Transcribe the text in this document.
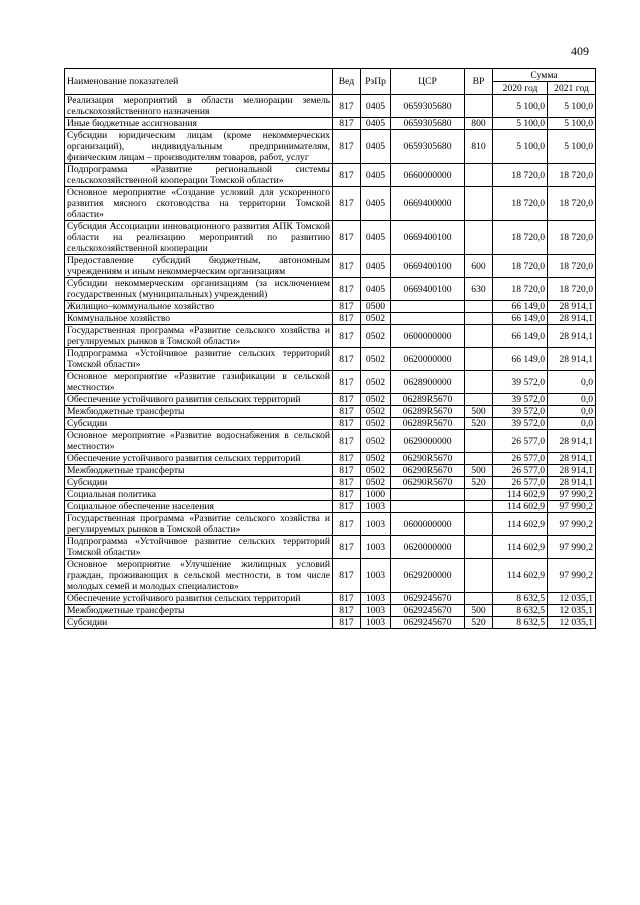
409
Наименование показателей	Вед	РзПр	ЦСР	ВР	Сумма	
					2020 год	2021 год
Реализация мероприятий в области мелиорации земель сельскохозяйственного назначения	817	0405	0659305680		5 100,0	5 100,0
Иные бюджетные ассигнования	817	0405	0659305680	800	5 100,0	5 100,0
Субсидии юридическим лицам (кроме некоммерческих организаций), индивидуальным предпринимателям, физическим лицам – производителям товаров, работ, услуг	817	0405	0659305680	810	5 100,0	5 100,0
Подпрограмма «Развитие региональной системы сельскохозяйственной кооперации Томской области»	817	0405	0660000000		18 720,0	18 720,0
Основное мероприятие «Создание условий для ускоренного развития мясного скотоводства на территории Томской области»	817	0405	0669400000		18 720,0	18 720,0
Субсидия Ассоциации инновационного развития АПК Томской области на реализацию мероприятий по развитию сельскохозяйственной кооперации	817	0405	0669400100		18 720,0	18 720,0
Предоставление субсидий бюджетным, автономным учреждениям и иным некоммерческим организациям	817	0405	0669400100	600	18 720,0	18 720,0
Субсидии некоммерческим организациям (за исключением государственных (муниципальных) учреждений)	817	0405	0669400100	630	18 720,0	18 720,0
Жилищно–коммунальное хозяйство	817	0500			66 149,0	28 914,1
Коммунальное хозяйство	817	0502			66 149,0	28 914,1
Государственная программа «Развитие сельского хозяйства и регулируемых рынков в Томской области»	817	0502	0600000000		66 149,0	28 914,1
Подпрограмма «Устойчивое развитие сельских территорий Томской области»	817	0502	0620000000		66 149,0	28 914,1
Основное мероприятие «Развитие газификации в сельской местности»	817	0502	0628900000		39 572,0	0,0
Обеспечение устойчивого развития сельских территорий	817	0502	06289R5670		39 572,0	0,0
Межбюджетные трансферты	817	0502	06289R5670	500	39 572,0	0,0
Субсидии	817	0502	06289R5670	520	39 572,0	0,0
Основное мероприятие «Развитие водоснабжения в сельской местности»	817	0502	0629000000		26 577,0	28 914,1
Обеспечение устойчивого развития сельских территорий	817	0502	06290R5670		26 577,0	28 914,1
Межбюджетные трансферты	817	0502	06290R5670	500	26 577,0	28 914,1
Субсидии	817	0502	06290R5670	520	26 577,0	28 914,1
Социальная политика	817	1000			114 602,9	97 990,2
Социальное обеспечение населения	817	1003			114 602,9	97 990,2
Государственная программа «Развитие сельского хозяйства и регулируемых рынков в Томской области»	817	1003	0600000000		114 602,9	97 990,2
Подпрограмма «Устойчивое развитие сельских территорий Томской области»	817	1003	0620000000		114 602,9	97 990,2
Основное мероприятие «Улучшение жилищных условий граждан, проживающих в сельской местности, в том числе молодых семей и молодых специалистов»	817	1003	0629200000		114 602,9	97 990,2
Обеспечение устойчивого развития сельских территорий	817	1003	0629245670		8 632,5	12 035,1
Межбюджетные трансферты	817	1003	0629245670	500	8 632,5	12 035,1
Субсидии	817	1003	0629245670	520	8 632,5	12 035,1
